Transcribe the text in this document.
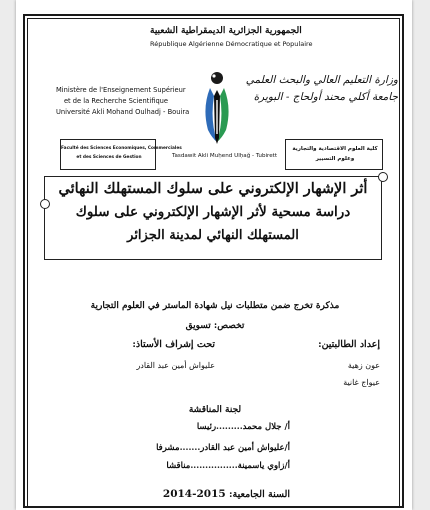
الجمهورية الجزائرية الديمقراطية الشعبية
République Algérienne Démocratique et Populaire
Ministère de l'Enseignement Supérieur
et de la Recherche Scientifique
Université Akli Mohand Oulhadj - Bouira
وزارة التعليم العالي والبحث العلمي
جامعة أكلي محند أولحاج - البويرة
Faculté des Sciences Economiques, Commerciales
et des Sciences de Gestion
كلية العلوم الاقتصادية والتجارية
وعلوم التسيير
Tasdawit Akli Muḥend Ulḥağ - Tubirett
أثر الإشهار الإلكتروني على سلوك المستهلك النهائي
دراسة مسحية لأثر الإشهار الإلكتروني على سلوك
المستهلك النهائي لمدينة الجزائر
مذكرة تخرج ضمن متطلبات نيل شهادة الماستر في العلوم التجارية
تخصص: تسويق
إعداد الطالبتين:
عون زهية
عيواج غانية
تحت إشراف الأستاذ:
عليواش أمين عبد القادر
لجنة المناقشة
أ/ جلال محمد.........رئيسا
أ/عليواش أمين عبد القادر.......مشرفا
أ/زاوي ياسمينة................مناقشا
السنة الجامعية: 2014-2015
